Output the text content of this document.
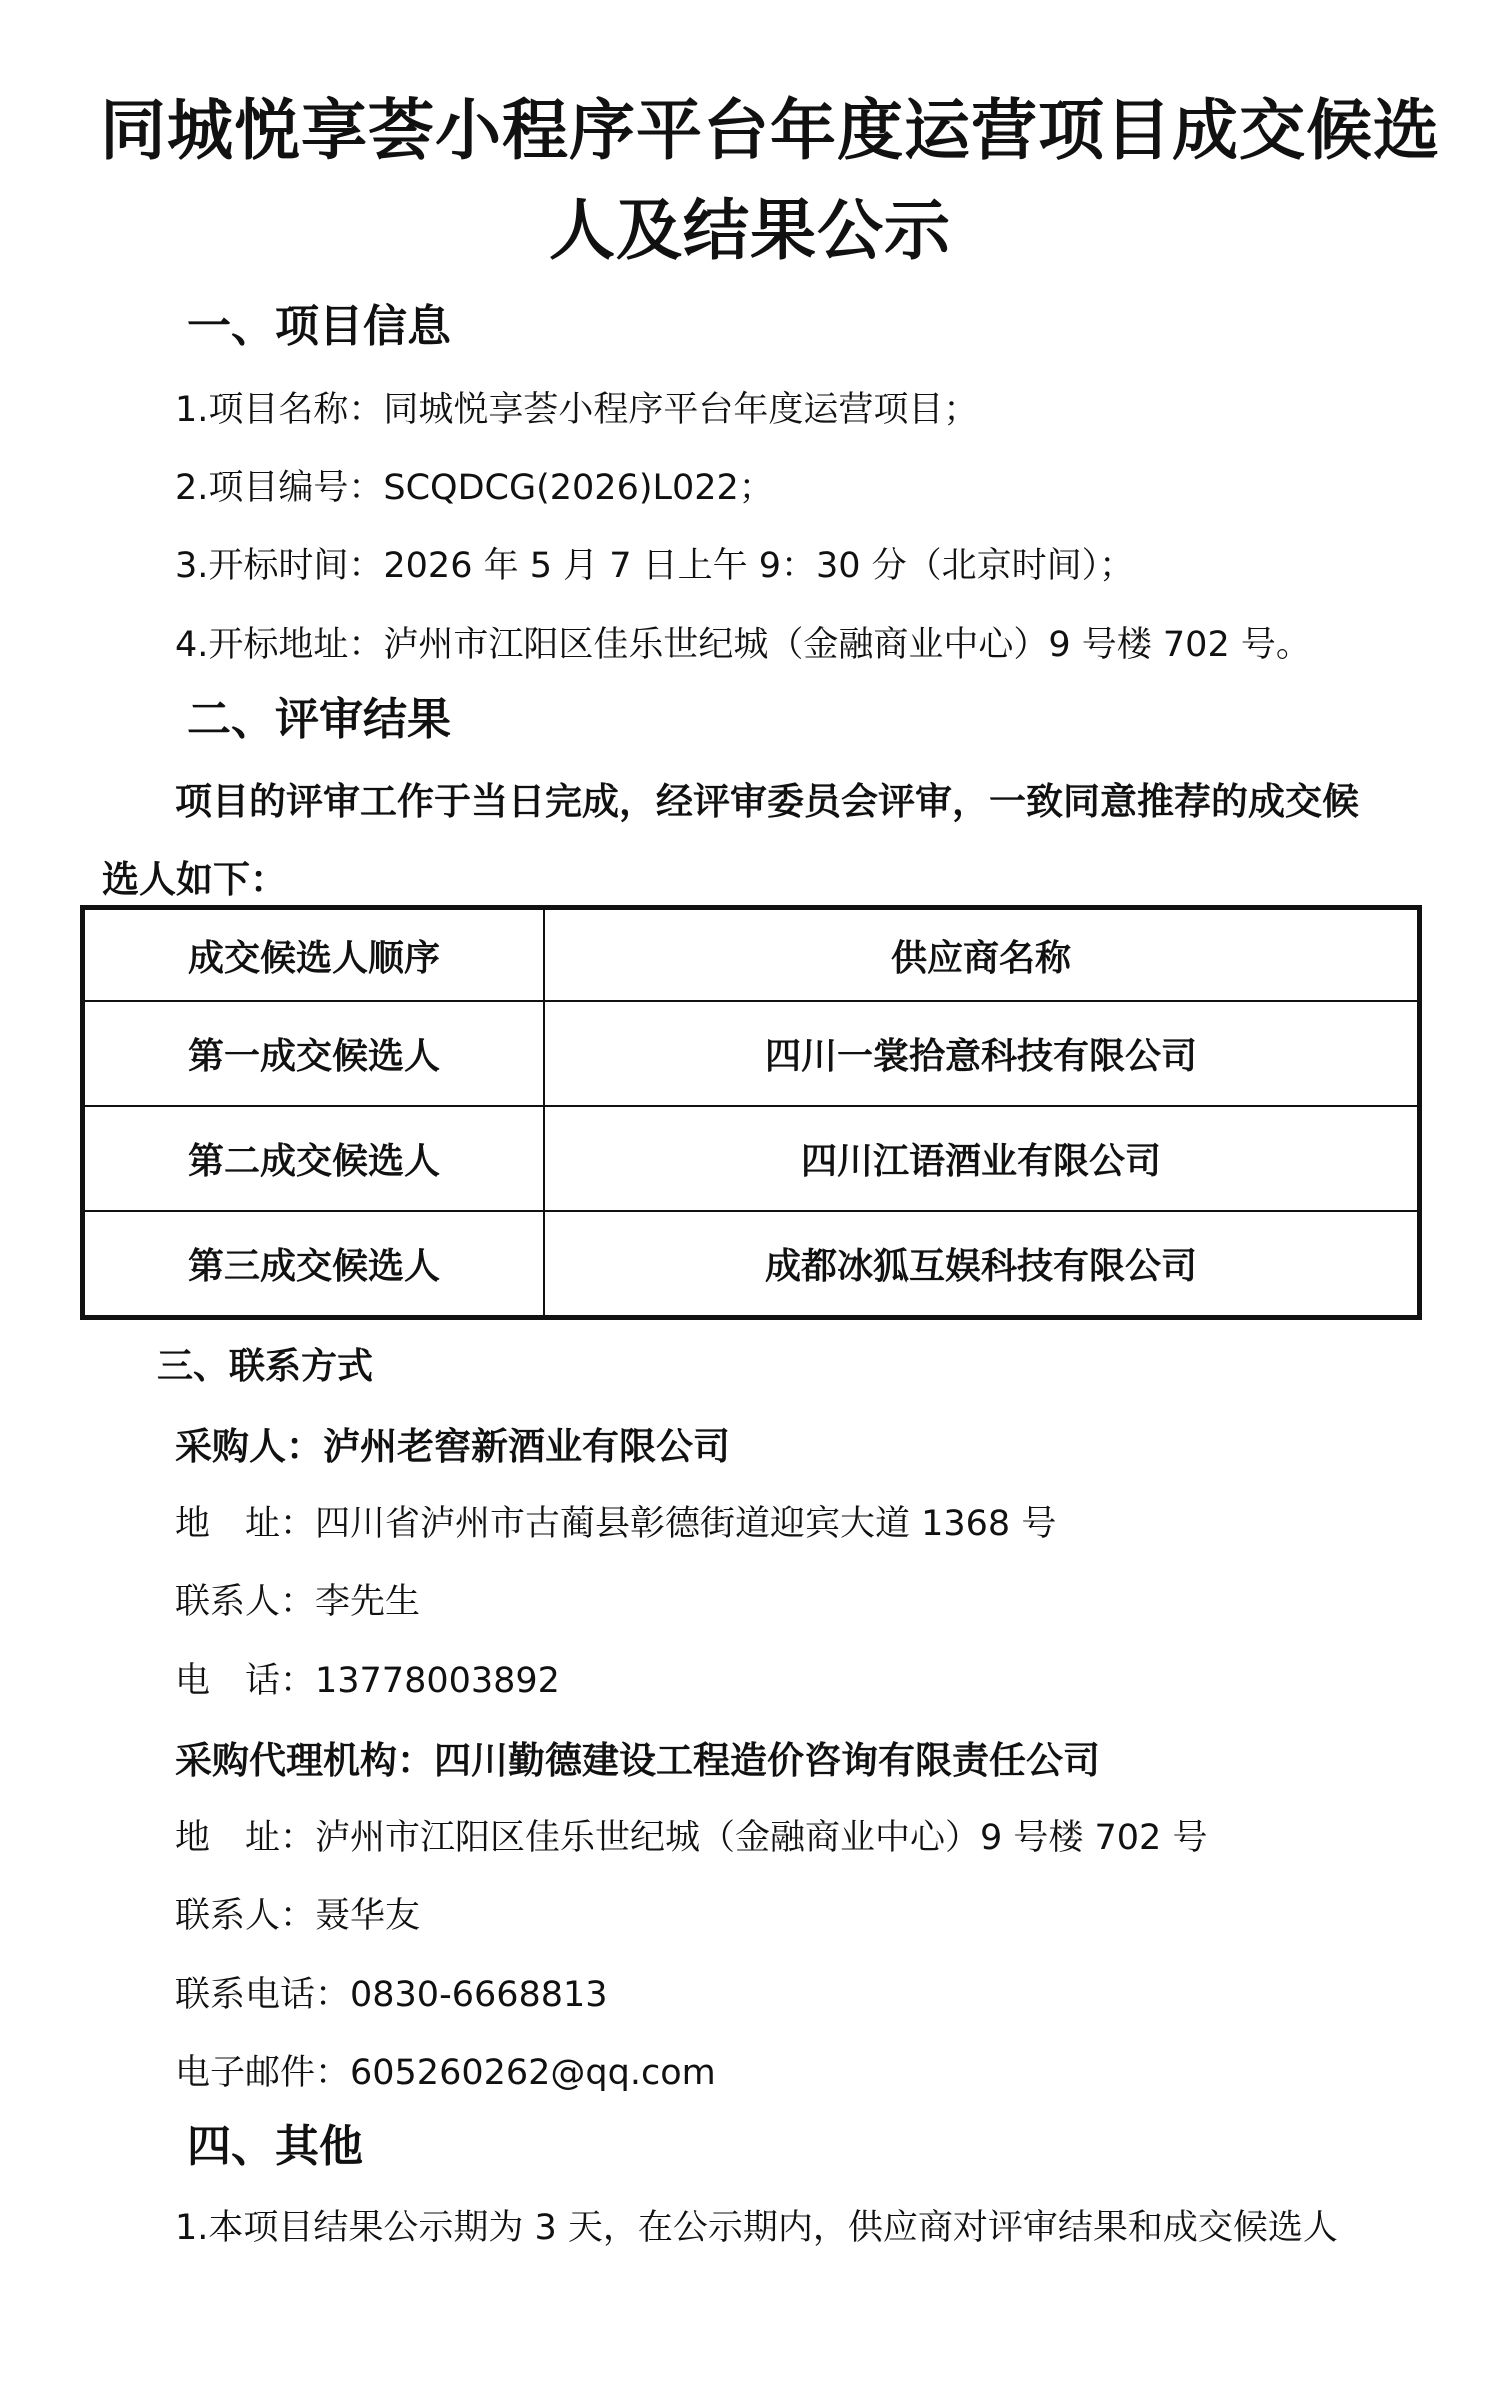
同城悦享荟小程序平台年度运营项目成交候选
人及结果公示
一、项目信息
1.项目名称：同城悦享荟小程序平台年度运营项目；
2.项目编号：SCQDCG(2026)L022；
3.开标时间：2026 年 5 月 7 日上午 9：30 分（北京时间）；
4.开标地址：泸州市江阳区佳乐世纪城（金融商业中心）9 号楼 702 号。
二、评审结果
项目的评审工作于当日完成，经评审委员会评审，一致同意推荐的成交候
选人如下：
成交候选人顺序	供应商名称
第一成交候选人	四川一裳拾意科技有限公司
第二成交候选人	四川江语酒业有限公司
第三成交候选人	成都冰狐互娱科技有限公司
三、联系方式
采购人：泸州老窖新酒业有限公司
地　址：四川省泸州市古蔺县彰德街道迎宾大道 1368 号
联系人：李先生
电　话：13778003892
采购代理机构：四川勤德建设工程造价咨询有限责任公司
地　址：泸州市江阳区佳乐世纪城（金融商业中心）9 号楼 702 号
联系人：聂华友
联系电话：0830-6668813
电子邮件：605260262@qq.com
四、其他
1.本项目结果公示期为 3 天，在公示期内，供应商对评审结果和成交候选人
